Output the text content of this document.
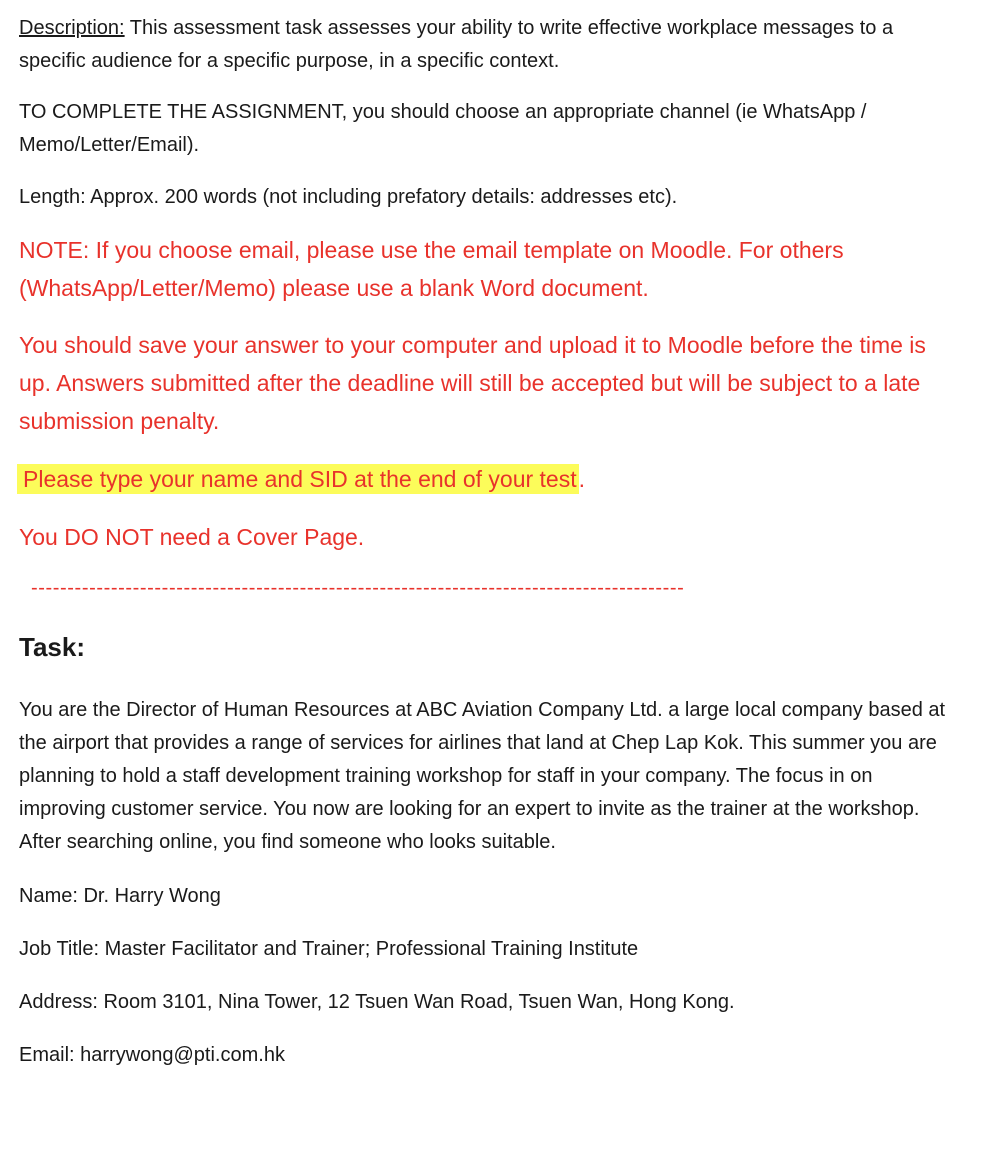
Description: This assessment task assesses your ability to write effective workplace messages to a specific audience for a specific purpose, in a specific context.

TO COMPLETE THE ASSIGNMENT, you should choose an appropriate channel (ie WhatsApp / Memo/Letter/Email).

Length: Approx. 200 words (not including prefatory details: addresses etc).

NOTE: If you choose email, please use the email template on Moodle. For others (WhatsApp/Letter/Memo) please use a blank Word document.

You should save your answer to your computer and upload it to Moodle before the time is up. Answers submitted after the deadline will still be accepted but will be subject to a late submission penalty.

Please type your name and SID at the end of your test.

You DO NOT need a Cover Page.

------------------------------------------------------------------------------------------
Task:

You are the Director of Human Resources at ABC Aviation Company Ltd. a large local company based at the airport that provides a range of services for airlines that land at Chep Lap Kok. This summer you are planning to hold a staff development training workshop for staff in your company. The focus in on improving customer service. You now are looking for an expert to invite as the trainer at the workshop. After searching online, you find someone who looks suitable.

Name: Dr. Harry Wong

Job Title: Master Facilitator and Trainer; Professional Training Institute

Address: Room 3101, Nina Tower, 12 Tsuen Wan Road, Tsuen Wan, Hong Kong.

Email: harrywong@pti.com.hk
